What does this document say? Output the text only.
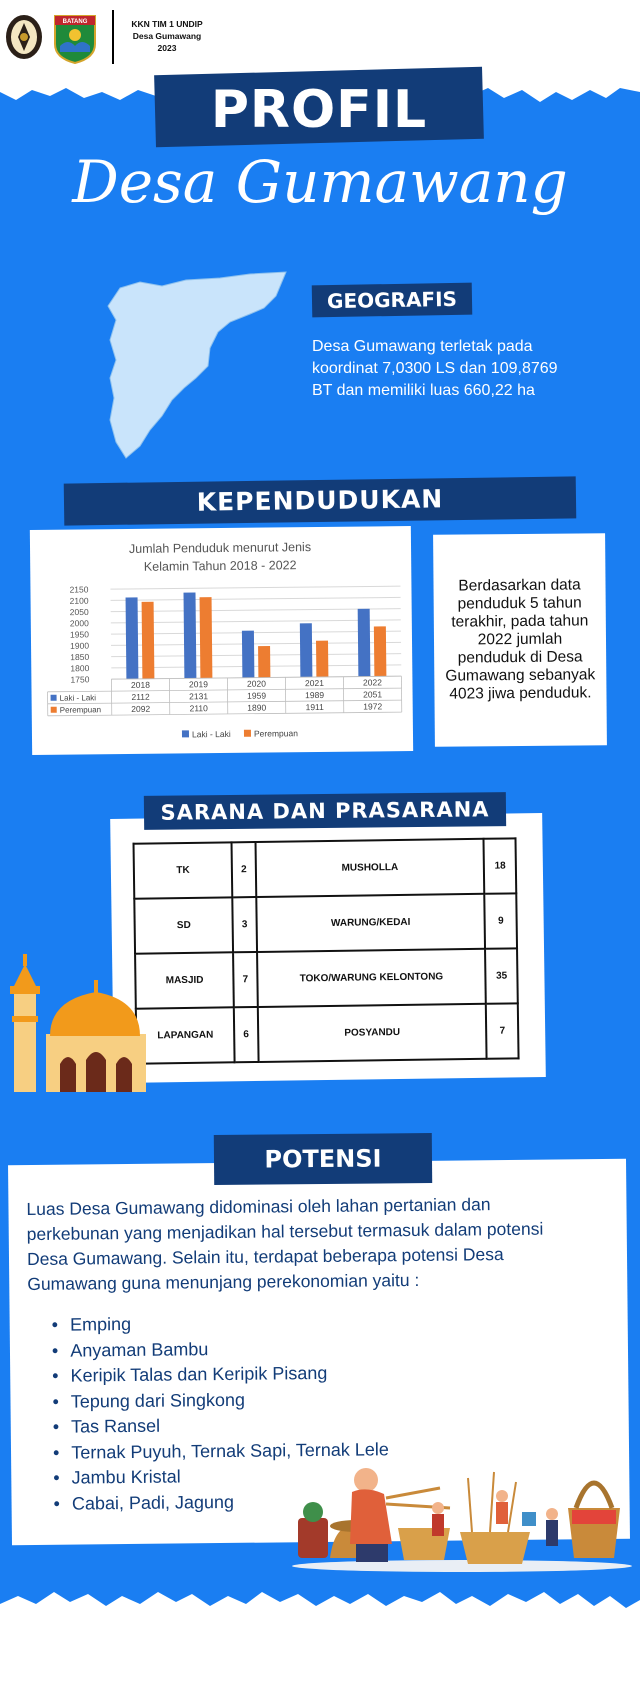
BATANG	KKN TIM 1 UNDIP
Desa Gumawang
2023
PROFIL
Desa Gumawang
GEOGRAFIS
Desa Gumawang terletak pada koordinat 7,0300 LS dan 109,8769 BT dan memiliki luas 660,22 ha
KEPENDUDUKAN
Jumlah Penduduk menurut Jenis
Kelamin Tahun 2018 - 2022
2150
2100
2050
2000
1950
1900
1850
1800
1750
2018	2019	2020	2021	2022
Laki - Laki	2112	2131	1959	1989	2051
Perempuan	2092	2110	1890	1911	1972
Laki - Laki	Perempuan
Berdasarkan data penduduk 5 tahun terakhir, pada tahun 2022 jumlah penduduk di Desa Gumawang sebanyak 4023 jiwa penduduk.
TK	2	MUSHOLLA	18
SD	3	WARUNG/KEDAI	9
MASJID	7	TOKO/WARUNG KELONTONG	35
LAPANGAN	6	POSYANDU	7
SARANA DAN PRASARANA
Luas Desa Gumawang didominasi oleh lahan pertanian dan perkebunan yang menjadikan hal tersebut termasuk dalam potensi Desa Gumawang. Selain itu, terdapat beberapa potensi Desa Gumawang guna menunjang perekonomian yaitu :
• Emping
• Anyaman Bambu
• Keripik Talas dan Keripik Pisang
• Tepung dari Singkong
• Tas Ransel
• Ternak Puyuh, Ternak Sapi, Ternak Lele
• Jambu Kristal
• Cabai, Padi, Jagung
POTENSI
